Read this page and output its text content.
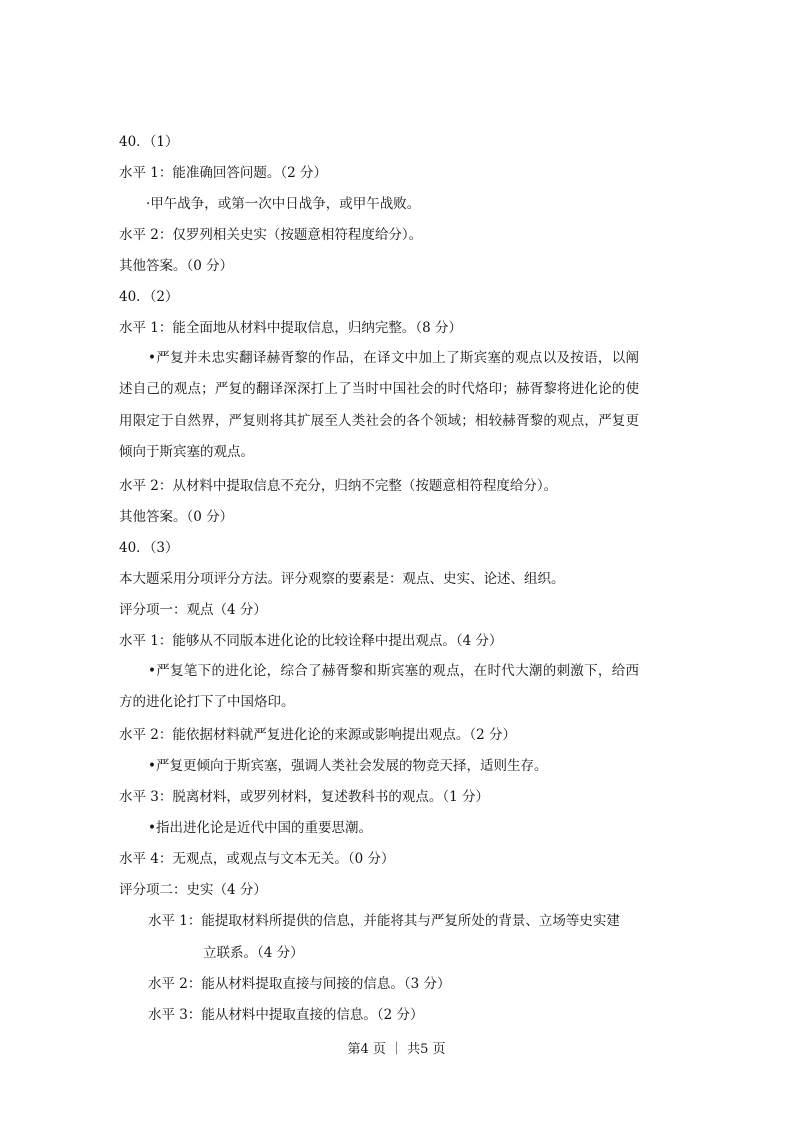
40．（1）
水平 1：能准确回答问题。（2 分）
·甲午战争，或第一次中日战争，或甲午战败。
水平 2：仅罗列相关史实（按题意相符程度给分）。
其他答案。（0 分）
40．（2）
水平 1：能全面地从材料中提取信息，归纳完整。（8 分）
•严复并未忠实翻译赫胥黎的作品，在译文中加上了斯宾塞的观点以及按语，以阐述自己的观点；严复的翻译深深打上了当时中国社会的时代烙印；赫胥黎将进化论的使用限定于自然界，严复则将其扩展至人类社会的各个领域；相较赫胥黎的观点，严复更倾向于斯宾塞的观点。
水平 2：从材料中提取信息不充分，归纳不完整（按题意相符程度给分）。
其他答案。（0 分）
40．（3）
本大题采用分项评分方法。评分观察的要素是：观点、史实、论述、组织。
评分项一：观点（4 分）
水平 1：能够从不同版本进化论的比较诠释中提出观点。（4 分）
•严复笔下的进化论，综合了赫胥黎和斯宾塞的观点，在时代大潮的刺激下，给西方的进化论打下了中国烙印。
水平 2：能依据材料就严复进化论的来源或影响提出观点。（2 分）
•严复更倾向于斯宾塞，强调人类社会发展的物竞天择，适则生存。
水平 3：脱离材料，或罗列材料，复述教科书的观点。（1 分）
•指出进化论是近代中国的重要思潮。
水平 4：无观点，或观点与文本无关。（0 分）
评分项二：史实（4 分）
水平 1：能提取材料所提供的信息，并能将其与严复所处的背景、立场等史实建
立联系。（4 分）
水平 2：能从材料提取直接与间接的信息。（3 分）
水平 3：能从材料中提取直接的信息。（2 分）
第4 页 ｜ 共5 页
